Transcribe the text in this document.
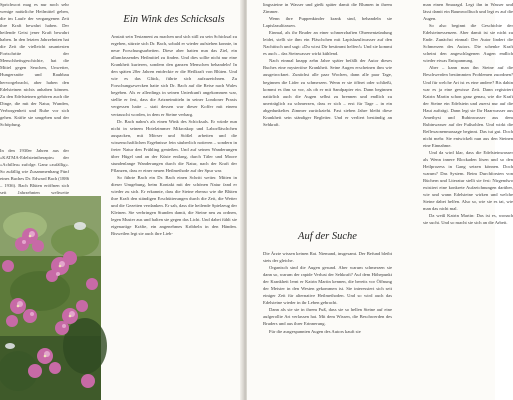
Sprichwort mag es nur noch sehr wenige natürliche Heilmittel geben, die im Laufe der vergangenen Zeit ihre Kraft bewahrt haben. Der heilende Geist jener Kraft bewahrt haben. In den letzten Jahrzehnten hat die Zeit die vielleicht rasantesten Fortschritte der Menschheitsgeschichte, hat die Mittel gegen Seuchen, Unwetter, Hungersnöte und Raubbau hervorgebracht, aber haben den Edelsteinen nichts anhaben können. Zu den Edelsteinen gehören auch die Dinge, die mit der Natur, Wunden, Verborgenheit und Ruhe vor sich gehen. Kräfte sie umgeben und der Schöpfung.

In den 1930er Jahren aus der »KATMA-Edelsteintherapie« der »Achillea« zufolge. Ganz »zufällig«. So zufällig wie Zusammenhang Fünf eines Buches Dr. Edward Bach (1886 – 1936). Bach Blüten eröffnen sich seit Jahrzehnten weltweite

Ein Wink des Schicksals

Anstatt sein Testament zu machen und sich still zu sein Schicksal zu ergeben, stürzte sich Dr. Bach, sobald er wieder aufstehen konnte, in neue Forschungsarbeiten. Diese aber hatten nun das Ziel, ein allumfassendes Heilmittel zu finden. Und dies sollte nicht nur eine Krankheit kurieren, sondern den ganzen Menschen behandeln! In den späten 20er Jahren entdeckte er die Heilkraft von Blüten. Und wie es das Glück, führte sich aufzuzeichnen. Zu Forschungszwecken hatte sich Dr. Bach auf die Reise nach Wales begeben. Als er allerdings in seinen Unterkunft angekommen war, stellte er fest, dass die Artzneimitteln in seiner Londoner Praxis vergessen hatte – statt dessen war dieser Koffer mit einem vertauscht worden, in dem er Steine verbarg.

Dr. Bach nahm's als einen Wink des Schicksals. Er würde nun nicht in seinem Hotelzimmer Mikroskop und Laborfläschchen auspacken, mit Mörser und Stößel arbeiten und die wissenschaftlichen Ergebnisse fein säuberlich notieren – sondern in freier Natur den Frühling genießen. Und auf seinen Wanderungen über Hügel und an der Küste entlang, durch Täler und Moore stundenlange Wanderungen durch die Natur, nach der Kraft der Pflanzen, dass er einer neuen Heilmethode auf der Spur war.

So führte Bach ein Dr. Bach einen Schritt weiter. Mitten in dieser Umgebung, beim Kontakt mit der schönen Natur fand er wieder zu sich. Er erkannte, dass die Steine ebenso wie die Blüten ihre Kraft den ständigen Erschütterungen durch die Zeit, die Wetter und die Gezeiten verdanken. Er sah, dass die heilende Spielzeug der Kleinen. Sie verbringen Stunden damit, die Steine neu zu ordnen, legen Muster aus und halten sie gegen das Licht. Und dabei fühlt sie eigenartige Kräfte, ein angenehmes Kribbeln in den Händen. Bisweilen legt sie auch ihre Lieb-

lingssteine in Wasser und gießt später damit die Blumen in ihrem Zimmer.

Wenn ihre Puppenkinder krank sind, behandeln sie Lapislazulitassen.

Einmal, als ihr Bruder an einer schmerzhaften Ohrenentzündung leidet, stellt sie ihm ein Fläschchen mit Lapislazuliwasser auf den Nachttisch und sagt: »Du wirst Dir bestimmt helfen!« Und sie kommt es auch – das Steinwasser wirkt kühlend.

Nach einmal knapp zehn Jahre später befällt der Autor dieses Buches eine mysteriöse Krankheit. Seine Augen erscheinen ihm wie ausgetrocknet. Zunächst alle paar Wochen, dann alle paar Tage, beginnen die Lider zu schmerzen. Wenn er sie öffnet oder schließt, kommt es ihm so vor, als ob er mit Sandpapier ein. Dann beginnen natürlich auch die Augen selbst zu brennen und endlich zu unerträglich zu schmerzen, dass er sich – erst für Tage – in ein abgedunkeltes Zimmer zurückzieht. Fast sieben Jahre bleibt diese Krankheit sein ständiger Begleiter. Und er verliert beständig an Sehkraft.

Auf der Suche

Die Ärzte wissen keinen Rat. Niemand, insgesamt. Der Befund bleibt stets der gleiche.

Organisch sind die Augen gesund. Aber warum schmerzen sie dann so, warum der rapide Verlust der Sehkraft? Auf dem Höhepunkt der Krankheit lernt er Katrin Martin kennen, die bereits vor Öffnung der Meister in den Westen gekommen ist. Sie interessiert sich seit einiger Zeit für alternative Heilmethoden. Und so wird auch das Edelsteine wieder in ihr Leben gebracht.

Dann als sie sie in ihrem Fuß, dass sie so hellen Steine auf eine aufgerollte Art verlassen hat. Mit dem Wissen, die Beschwerden des Bruders und aus ihrer Erinnerung.

Für die ausgespannten Augen des Autors kauft sie

man einen Smaragd. Legt ihn in Wasser und lässt damit ein Baumwolltuch und legt es auf die Augen.

So also beginnt die Geschichte der Edelsteinessenzen. Aber damit ist sie nicht zu Ende. Zunächst einmal: Der Autor lindert die Schmerzen des Autors. Die schenke Kraft scheint den angeschlagenen Augen endlich wieder etwas Entspannung.

Aber – kann man ihn Steine auf die Beschwerden bestimmten Problemen zuordnen? Und für welche Art ist es eine andere? Bis dahin war es ja eine gewisse Zeit. Dann registriert Katrin Martin schon ganz genau, wie die Kraft der Steine ein Edelstein und zuerst nur auf die Haut aufträgt. Dann legt sie Ihr Haarwasser aus Amethyst und Rubinwasser aus dem Rubinwasser auf der Fußsohlen. Und wirkt die Reflexzonenmassage beginnt. Das tut gut. Doch nicht mehr. Sie entwickelt nun aus den Steinen eine Einnahme.

Und da wird klar, dass die Edelsteinwasser als Wenn innere Blockaden lösen und so den Heilprozess in Gang setzen können. Doch warum? Das System. Beim Durchforsten von Büchern und Literatur stellt sie fest: Nirgendwo existiert eine konkrete Aufzeichnungen darüber, wie und wann Edelsteine wirken und welche Steine dabei helfen. Also so, wie sie es tat, wie man das nicht mal.

Da weiß Katrin Martin: Das ist es, wonach sie sucht. Und so macht sie sich an die Arbeit.
